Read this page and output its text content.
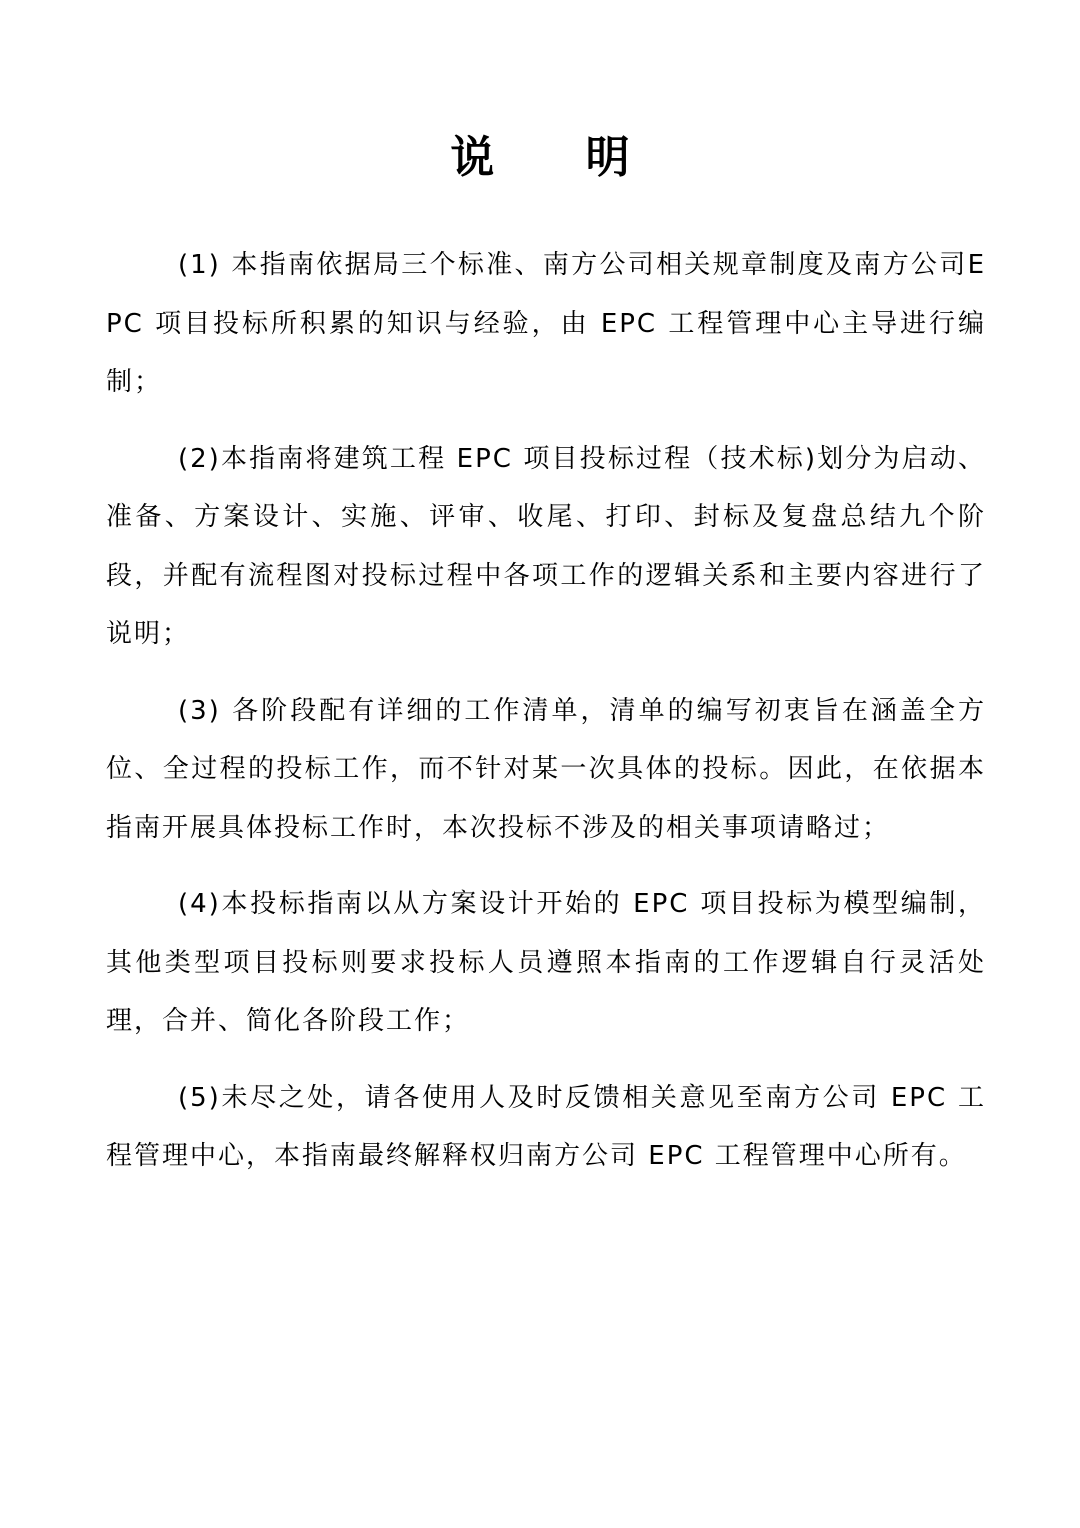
说 明

(1) 本指南依据局三个标准、南方公司相关规章制度及南方公司EPC 项目投标所积累的知识与经验，由 EPC 工程管理中心主导进行编制；

(2)本指南将建筑工程 EPC 项目投标过程（技术标)划分为启动、准备、方案设计、实施、评审、收尾、打印、封标及复盘总结九个阶段，并配有流程图对投标过程中各项工作的逻辑关系和主要内容进行了说明；

(3) 各阶段配有详细的工作清单，清单的编写初衷旨在涵盖全方位、全过程的投标工作，而不针对某一次具体的投标。因此，在依据本指南开展具体投标工作时，本次投标不涉及的相关事项请略过；

(4)本投标指南以从方案设计开始的 EPC 项目投标为模型编制，其他类型项目投标则要求投标人员遵照本指南的工作逻辑自行灵活处理，合并、简化各阶段工作；

(5)未尽之处，请各使用人及时反馈相关意见至南方公司 EPC 工程管理中心，本指南最终解释权归南方公司 EPC 工程管理中心所有。
